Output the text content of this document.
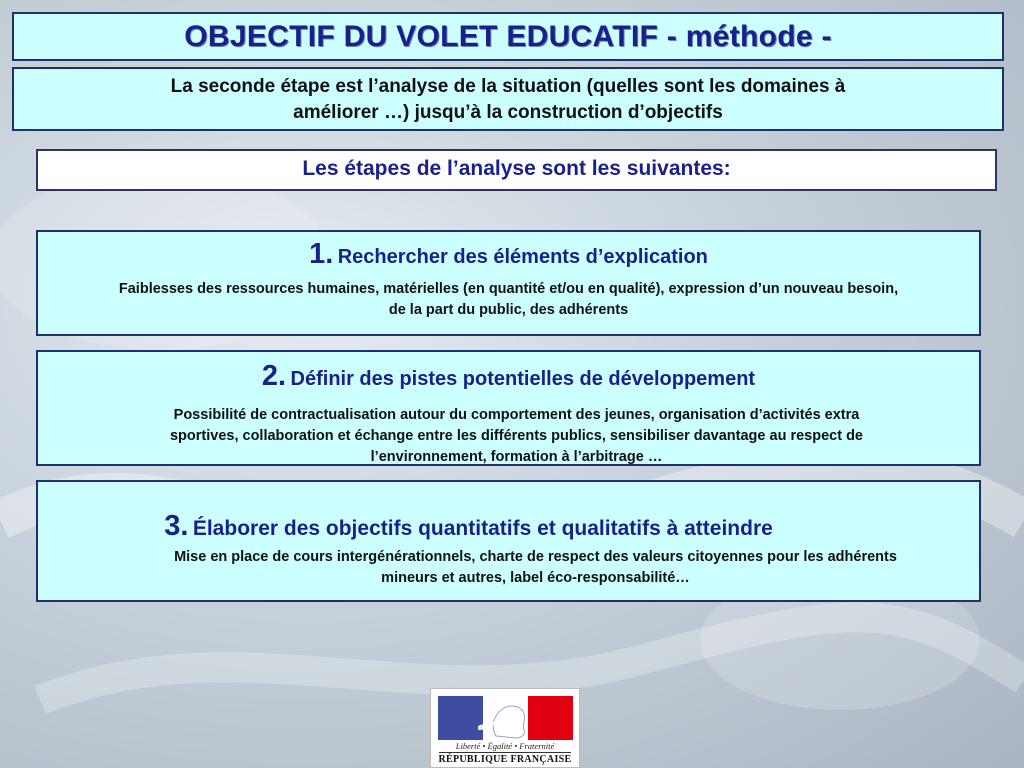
OBJECTIF DU VOLET EDUCATIF - méthode -

La seconde étape est l’analyse de la situation (quelles sont les domaines à
améliorer …) jusqu’à la construction d’objectifs

Les étapes de l’analyse sont les suivantes:

1. Rechercher des éléments d’explication

Faiblesses des ressources humaines, matérielles (en quantité et/ou en qualité), expression d’un nouveau besoin,
de la part du public, des adhérents

2. Définir des pistes potentielles de développement

Possibilité de contractualisation autour du comportement des jeunes, organisation d’activités extra
sportives, collaboration et échange entre les différents publics, sensibiliser davantage au respect de
l’environnement, formation à l’arbitrage …

3. Élaborer des objectifs quantitatifs et qualitatifs à atteindre

Mise en place de cours intergénérationnels, charte de respect des valeurs citoyennes pour les adhérents
mineurs et autres, label éco-responsabilité…

Liberté • Égalité • Fraternité
RÉPUBLIQUE FRANÇAISE
